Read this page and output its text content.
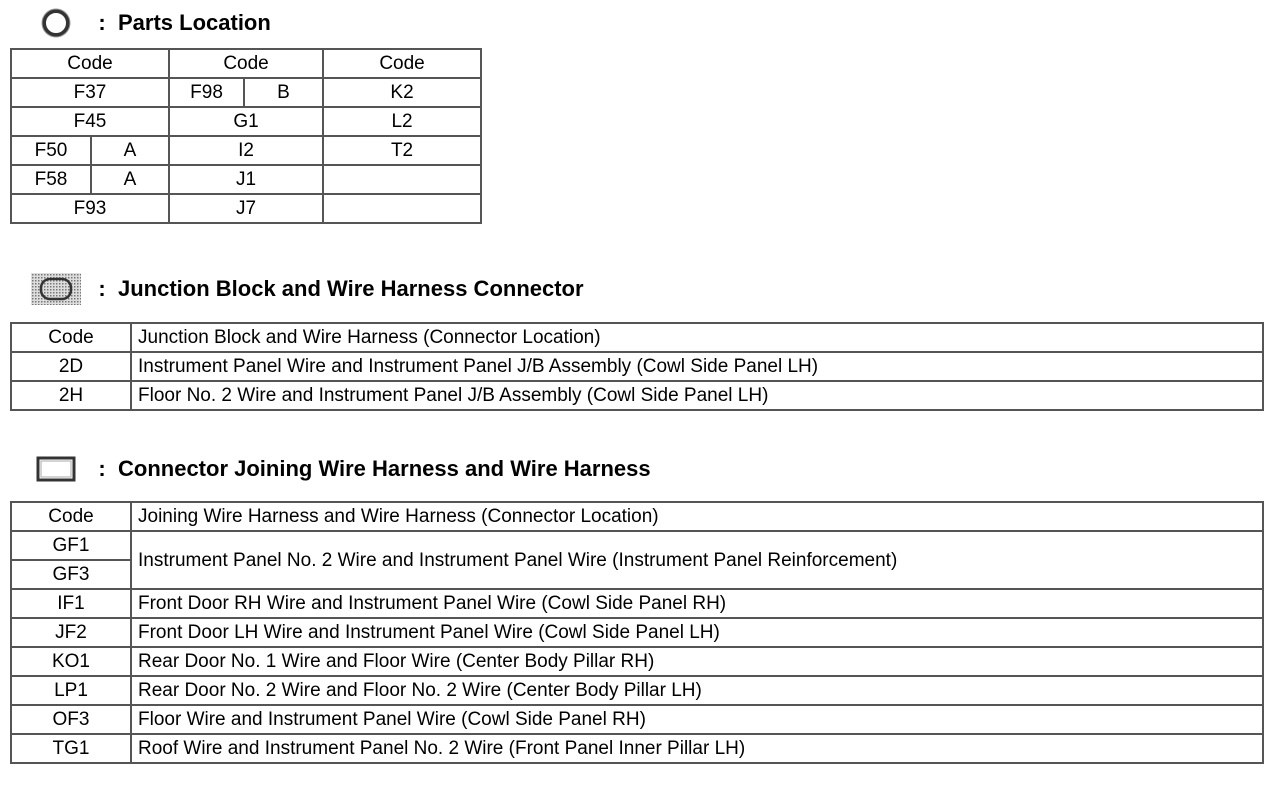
: Parts Location
Code		Code		Code
F37		F98	B	K2
F45		G1		L2
F50	A	I2		T2
F58	A	J1		
F93		J7		
: Junction Block and Wire Harness Connector
Code	Junction Block and Wire Harness (Connector Location)
2D	Instrument Panel Wire and Instrument Panel J/B Assembly (Cowl Side Panel LH)
2H	Floor No. 2 Wire and Instrument Panel J/B Assembly (Cowl Side Panel LH)
: Connector Joining Wire Harness and Wire Harness
Code	Joining Wire Harness and Wire Harness (Connector Location)
GF1	Instrument Panel No. 2 Wire and Instrument Panel Wire (Instrument Panel Reinforcement)
GF3	
IF1	Front Door RH Wire and Instrument Panel Wire (Cowl Side Panel RH)
JF2	Front Door LH Wire and Instrument Panel Wire (Cowl Side Panel LH)
KO1	Rear Door No. 1 Wire and Floor Wire (Center Body Pillar RH)
LP1	Rear Door No. 2 Wire and Floor No. 2 Wire (Center Body Pillar LH)
OF3	Floor Wire and Instrument Panel Wire (Cowl Side Panel RH)
TG1	Roof Wire and Instrument Panel No. 2 Wire (Front Panel Inner Pillar LH)
